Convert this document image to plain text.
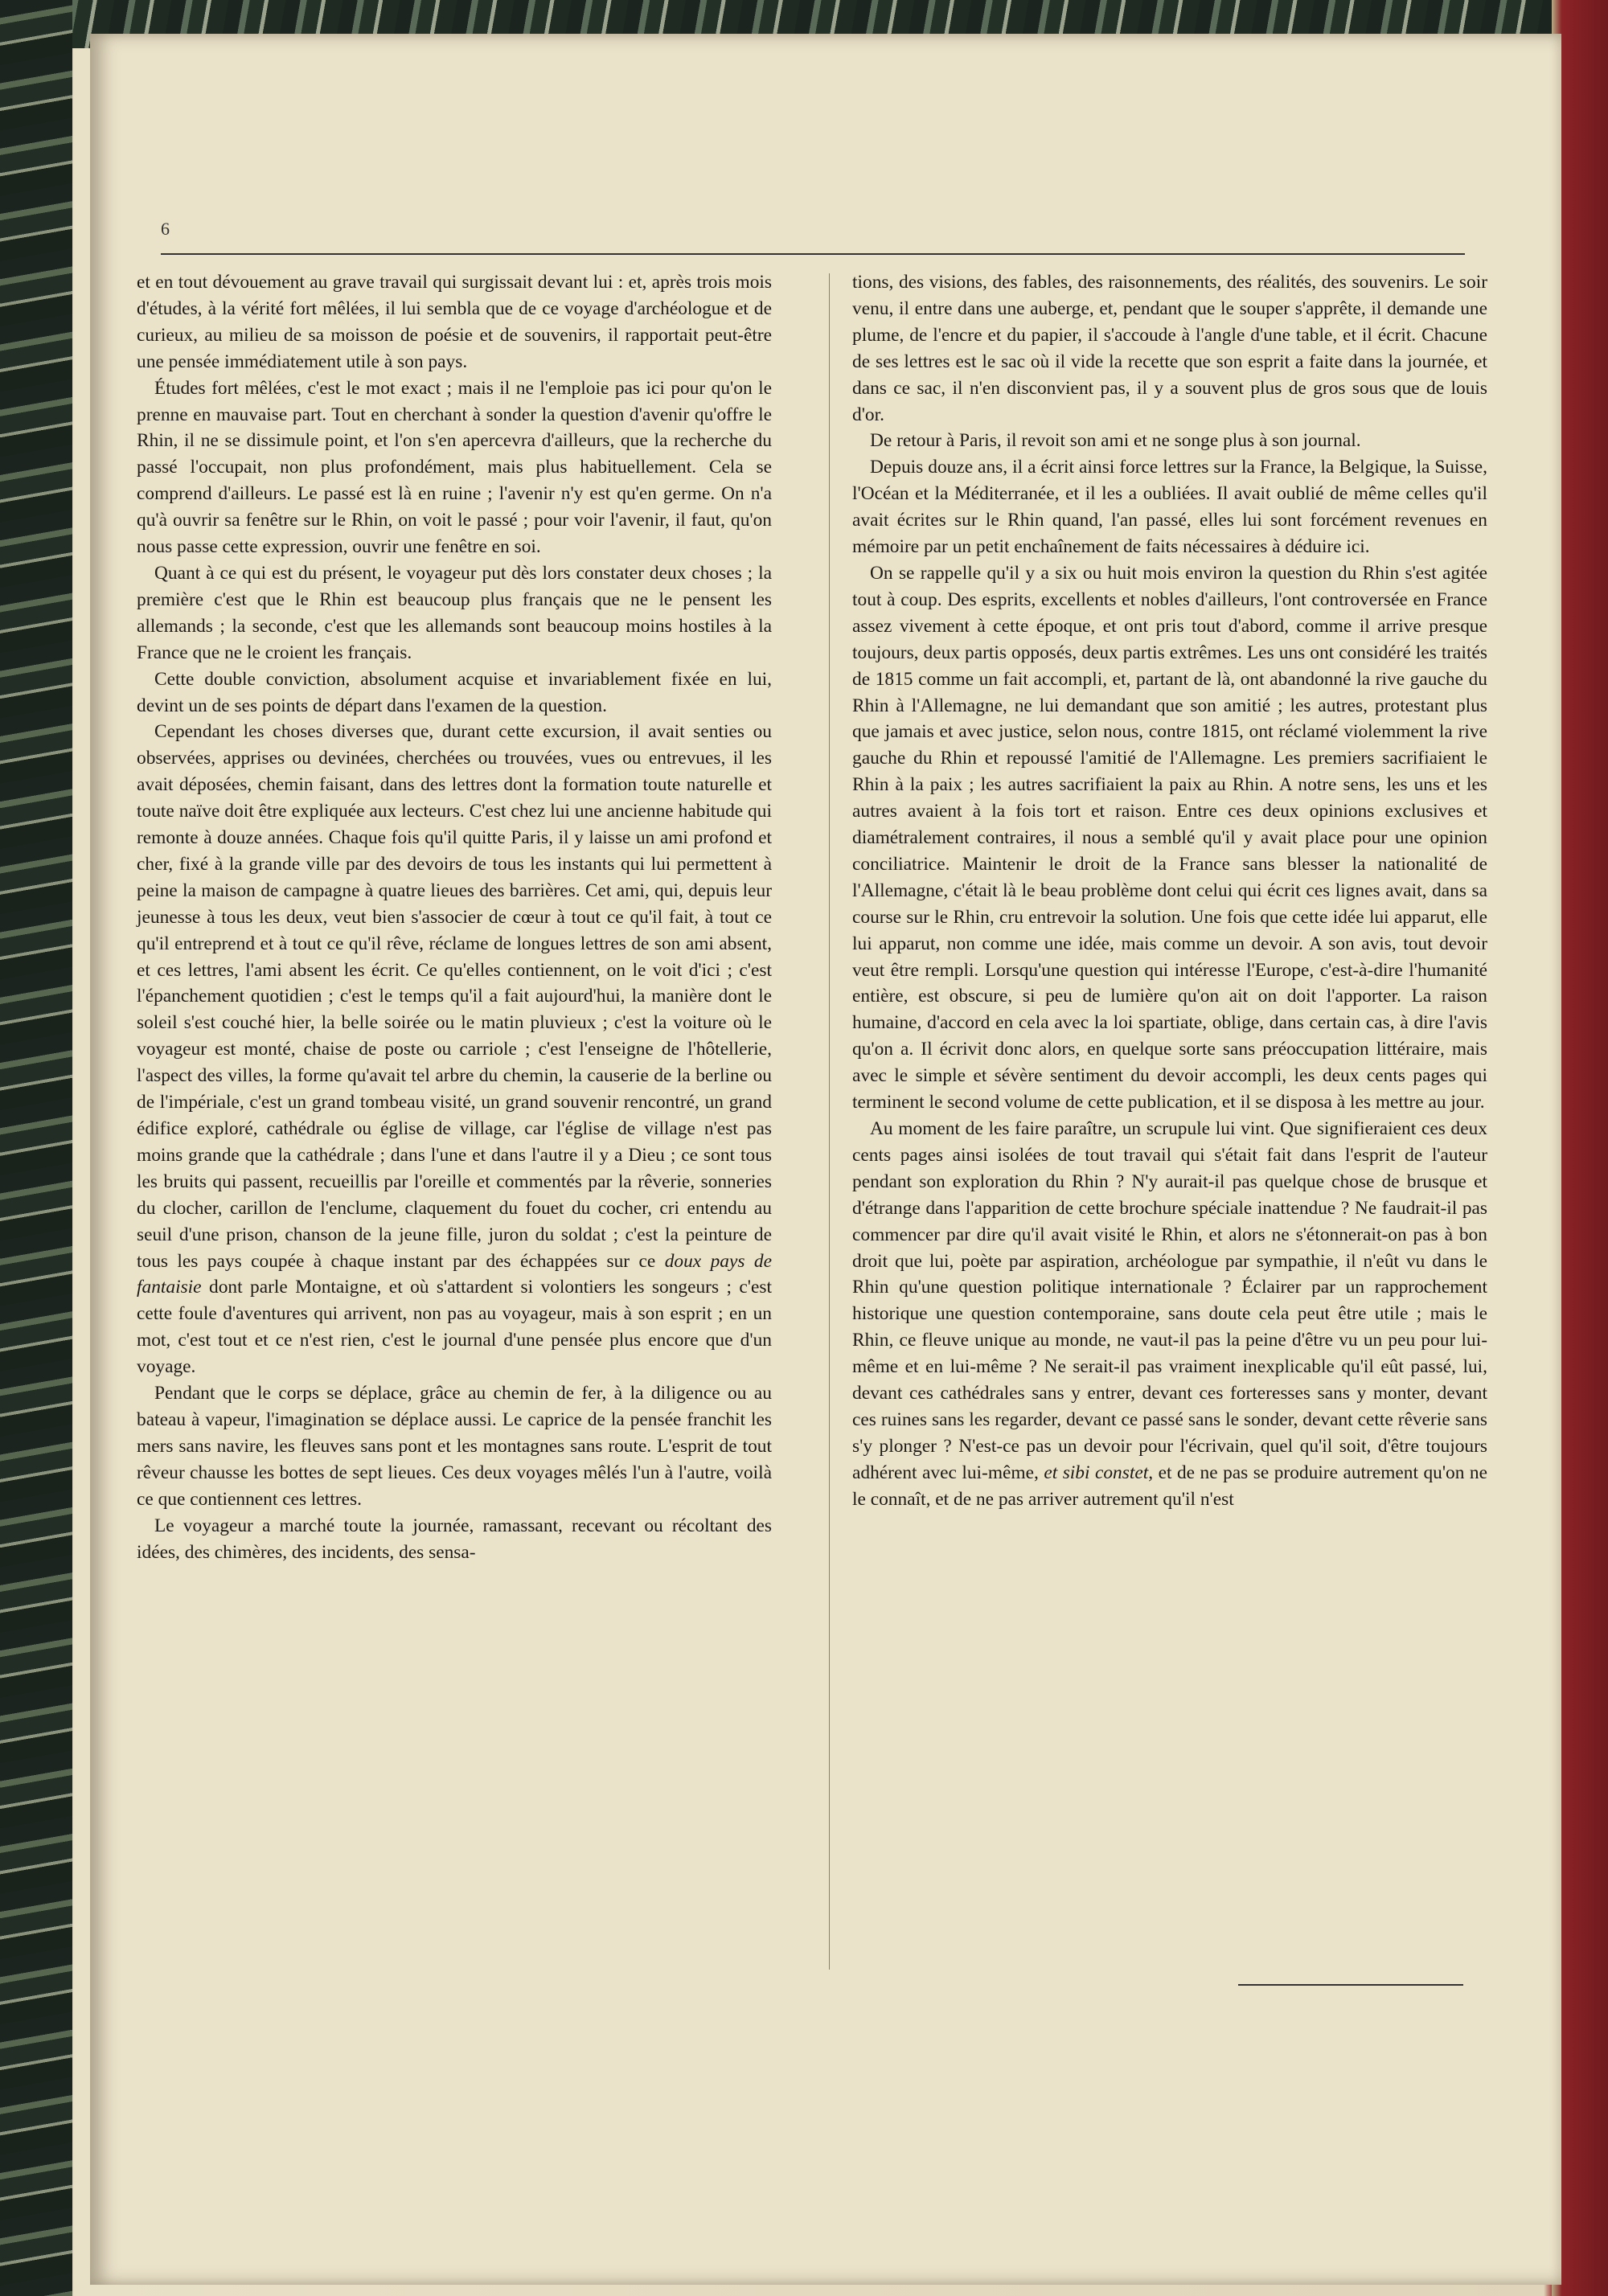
6

et en tout dévouement au grave travail qui surgissait devant lui : et, après trois mois d'études, à la vérité fort mêlées, il lui sembla que de ce voyage d'archéologue et de curieux, au milieu de sa moisson de poésie et de souvenirs, il rapportait peut-être une pensée immédiatement utile à son pays.

Études fort mêlées, c'est le mot exact ; mais il ne l'emploie pas ici pour qu'on le prenne en mauvaise part. Tout en cherchant à sonder la question d'avenir qu'offre le Rhin, il ne se dissimule point, et l'on s'en apercevra d'ailleurs, que la recherche du passé l'occupait, non plus profondément, mais plus habituellement. Cela se comprend d'ailleurs. Le passé est là en ruine ; l'avenir n'y est qu'en germe. On n'a qu'à ouvrir sa fenêtre sur le Rhin, on voit le passé ; pour voir l'avenir, il faut, qu'on nous passe cette expression, ouvrir une fenêtre en soi.

Quant à ce qui est du présent, le voyageur put dès lors constater deux choses ; la première c'est que le Rhin est beaucoup plus français que ne le pensent les allemands ; la seconde, c'est que les allemands sont beaucoup moins hostiles à la France que ne le croient les français.

Cette double conviction, absolument acquise et invariablement fixée en lui, devint un de ses points de départ dans l'examen de la question.

Cependant les choses diverses que, durant cette excursion, il avait senties ou observées, apprises ou devinées, cherchées ou trouvées, vues ou entrevues, il les avait déposées, chemin faisant, dans des lettres dont la formation toute naturelle et toute naïve doit être expliquée aux lecteurs. C'est chez lui une ancienne habitude qui remonte à douze années. Chaque fois qu'il quitte Paris, il y laisse un ami profond et cher, fixé à la grande ville par des devoirs de tous les instants qui lui permettent à peine la maison de campagne à quatre lieues des barrières. Cet ami, qui, depuis leur jeunesse à tous les deux, veut bien s'associer de cœur à tout ce qu'il fait, à tout ce qu'il entreprend et à tout ce qu'il rêve, réclame de longues lettres de son ami absent, et ces lettres, l'ami absent les écrit. Ce qu'elles contiennent, on le voit d'ici ; c'est l'épanchement quotidien ; c'est le temps qu'il a fait aujourd'hui, la manière dont le soleil s'est couché hier, la belle soirée ou le matin pluvieux ; c'est la voiture où le voyageur est monté, chaise de poste ou carriole ; c'est l'enseigne de l'hôtellerie, l'aspect des villes, la forme qu'avait tel arbre du chemin, la causerie de la berline ou de l'impériale, c'est un grand tombeau visité, un grand souvenir rencontré, un grand édifice exploré, cathédrale ou église de village, car l'église de village n'est pas moins grande que la cathédrale ; dans l'une et dans l'autre il y a Dieu ; ce sont tous les bruits qui passent, recueillis par l'oreille et commentés par la rêverie, sonneries du clocher, carillon de l'enclume, claquement du fouet du cocher, cri entendu au seuil d'une prison, chanson de la jeune fille, juron du soldat ; c'est la peinture de tous les pays coupée à chaque instant par des échappées sur ce doux pays de fantaisie dont parle Montaigne, et où s'attardent si volontiers les songeurs ; c'est cette foule d'aventures qui arrivent, non pas au voyageur, mais à son esprit ; en un mot, c'est tout et ce n'est rien, c'est le journal d'une pensée plus encore que d'un voyage.

Pendant que le corps se déplace, grâce au chemin de fer, à la diligence ou au bateau à vapeur, l'imagination se déplace aussi. Le caprice de la pensée franchit les mers sans navire, les fleuves sans pont et les montagnes sans route. L'esprit de tout rêveur chausse les bottes de sept lieues. Ces deux voyages mêlés l'un à l'autre, voilà ce que contiennent ces lettres.

Le voyageur a marché toute la journée, ramassant, recevant ou récoltant des idées, des chimères, des incidents, des sensa-

tions, des visions, des fables, des raisonnements, des réalités, des souvenirs. Le soir venu, il entre dans une auberge, et, pendant que le souper s'apprête, il demande une plume, de l'encre et du papier, il s'accoude à l'angle d'une table, et il écrit. Chacune de ses lettres est le sac où il vide la recette que son esprit a faite dans la journée, et dans ce sac, il n'en disconvient pas, il y a souvent plus de gros sous que de louis d'or.

De retour à Paris, il revoit son ami et ne songe plus à son journal.

Depuis douze ans, il a écrit ainsi force lettres sur la France, la Belgique, la Suisse, l'Océan et la Méditerranée, et il les a oubliées. Il avait oublié de même celles qu'il avait écrites sur le Rhin quand, l'an passé, elles lui sont forcément revenues en mémoire par un petit enchaînement de faits nécessaires à déduire ici.

On se rappelle qu'il y a six ou huit mois environ la question du Rhin s'est agitée tout à coup. Des esprits, excellents et nobles d'ailleurs, l'ont controversée en France assez vivement à cette époque, et ont pris tout d'abord, comme il arrive presque toujours, deux partis opposés, deux partis extrêmes. Les uns ont considéré les traités de 1815 comme un fait accompli, et, partant de là, ont abandonné la rive gauche du Rhin à l'Allemagne, ne lui demandant que son amitié ; les autres, protestant plus que jamais et avec justice, selon nous, contre 1815, ont réclamé violemment la rive gauche du Rhin et repoussé l'amitié de l'Allemagne. Les premiers sacrifiaient le Rhin à la paix ; les autres sacrifiaient la paix au Rhin. A notre sens, les uns et les autres avaient à la fois tort et raison. Entre ces deux opinions exclusives et diamétralement contraires, il nous a semblé qu'il y avait place pour une opinion conciliatrice. Maintenir le droit de la France sans blesser la nationalité de l'Allemagne, c'était là le beau problème dont celui qui écrit ces lignes avait, dans sa course sur le Rhin, cru entrevoir la solution. Une fois que cette idée lui apparut, elle lui apparut, non comme une idée, mais comme un devoir. A son avis, tout devoir veut être rempli. Lorsqu'une question qui intéresse l'Europe, c'est-à-dire l'humanité entière, est obscure, si peu de lumière qu'on ait on doit l'apporter. La raison humaine, d'accord en cela avec la loi spartiate, oblige, dans certain cas, à dire l'avis qu'on a. Il écrivit donc alors, en quelque sorte sans préoccupation littéraire, mais avec le simple et sévère sentiment du devoir accompli, les deux cents pages qui terminent le second volume de cette publication, et il se disposa à les mettre au jour.

Au moment de les faire paraître, un scrupule lui vint. Que signifieraient ces deux cents pages ainsi isolées de tout travail qui s'était fait dans l'esprit de l'auteur pendant son exploration du Rhin ? N'y aurait-il pas quelque chose de brusque et d'étrange dans l'apparition de cette brochure spéciale inattendue ? Ne faudrait-il pas commencer par dire qu'il avait visité le Rhin, et alors ne s'étonnerait-on pas à bon droit que lui, poète par aspiration, archéologue par sympathie, il n'eût vu dans le Rhin qu'une question politique internationale ? Éclairer par un rapprochement historique une question contemporaine, sans doute cela peut être utile ; mais le Rhin, ce fleuve unique au monde, ne vaut-il pas la peine d'être vu un peu pour lui-même et en lui-même ? Ne serait-il pas vraiment inexplicable qu'il eût passé, lui, devant ces cathédrales sans y entrer, devant ces forteresses sans y monter, devant ces ruines sans les regarder, devant ce passé sans le sonder, devant cette rêverie sans s'y plonger ? N'est-ce pas un devoir pour l'écrivain, quel qu'il soit, d'être toujours adhérent avec lui-même, et sibi constet, et de ne pas se produire autrement qu'on ne le connaît, et de ne pas arriver autrement qu'il n'est
